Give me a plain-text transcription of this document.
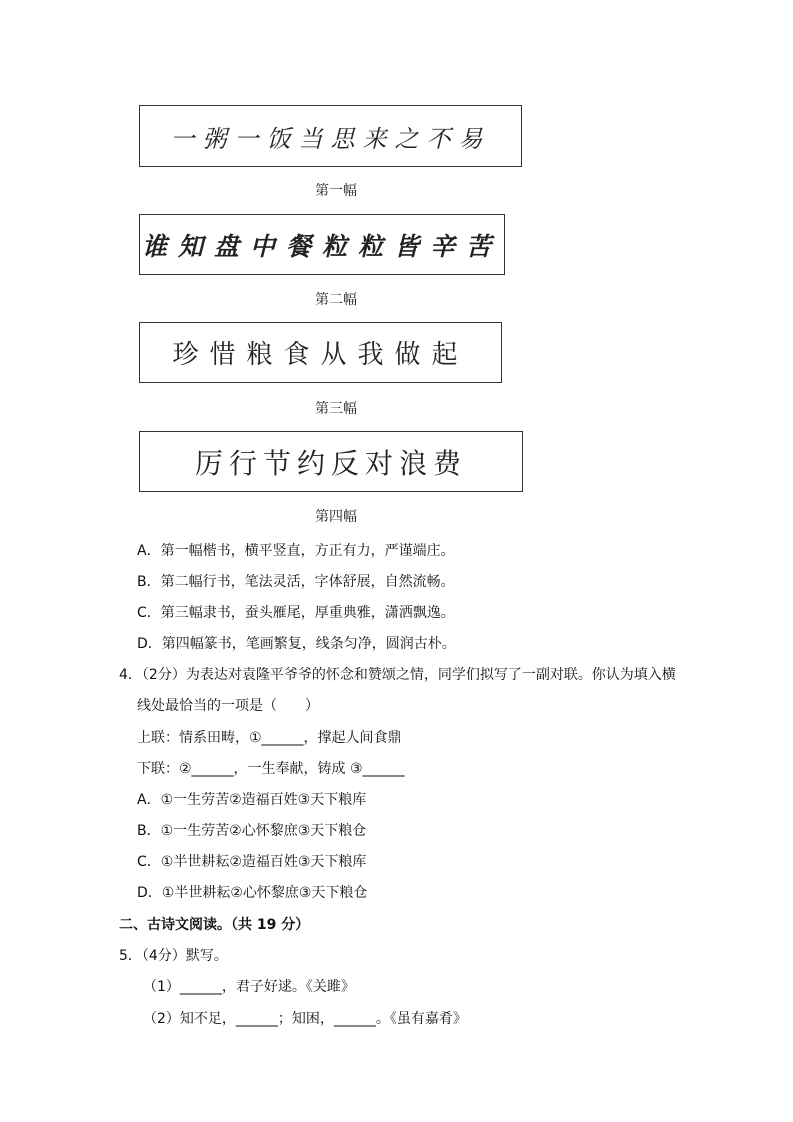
一粥一饭当思来之不易
第一幅
谁知盘中餐粒粒皆辛苦
第二幅
珍惜粮食从我做起
第三幅
厉行节约反对浪费
第四幅
A．第一幅楷书，横平竖直，方正有力，严谨端庄。
B．第二幅行书，笔法灵活，字体舒展，自然流畅。
C．第三幅隶书，蚕头雁尾，厚重典雅，潇洒飘逸。
D．第四幅篆书，笔画繁复，线条匀净，圆润古朴。
4．（2分）为表达对袁隆平爷爷的怀念和赞颂之情，同学们拟写了一副对联。你认为填入横
线处最恰当的一项是（　　）
上联：情系田畴，①______，撑起人间食鼎
下联：②______，一生奉献，铸成 ③______
A．①一生劳苦②造福百姓③天下粮库
B．①一生劳苦②心怀黎庶③天下粮仓
C．①半世耕耘②造福百姓③天下粮库
D．①半世耕耘②心怀黎庶③天下粮仓
二、古诗文阅读。（共 19 分）
5．（4分）默写。
（1）______，君子好逑。《关雎》
（2）知不足，______；知困，______。《虽有嘉肴》
